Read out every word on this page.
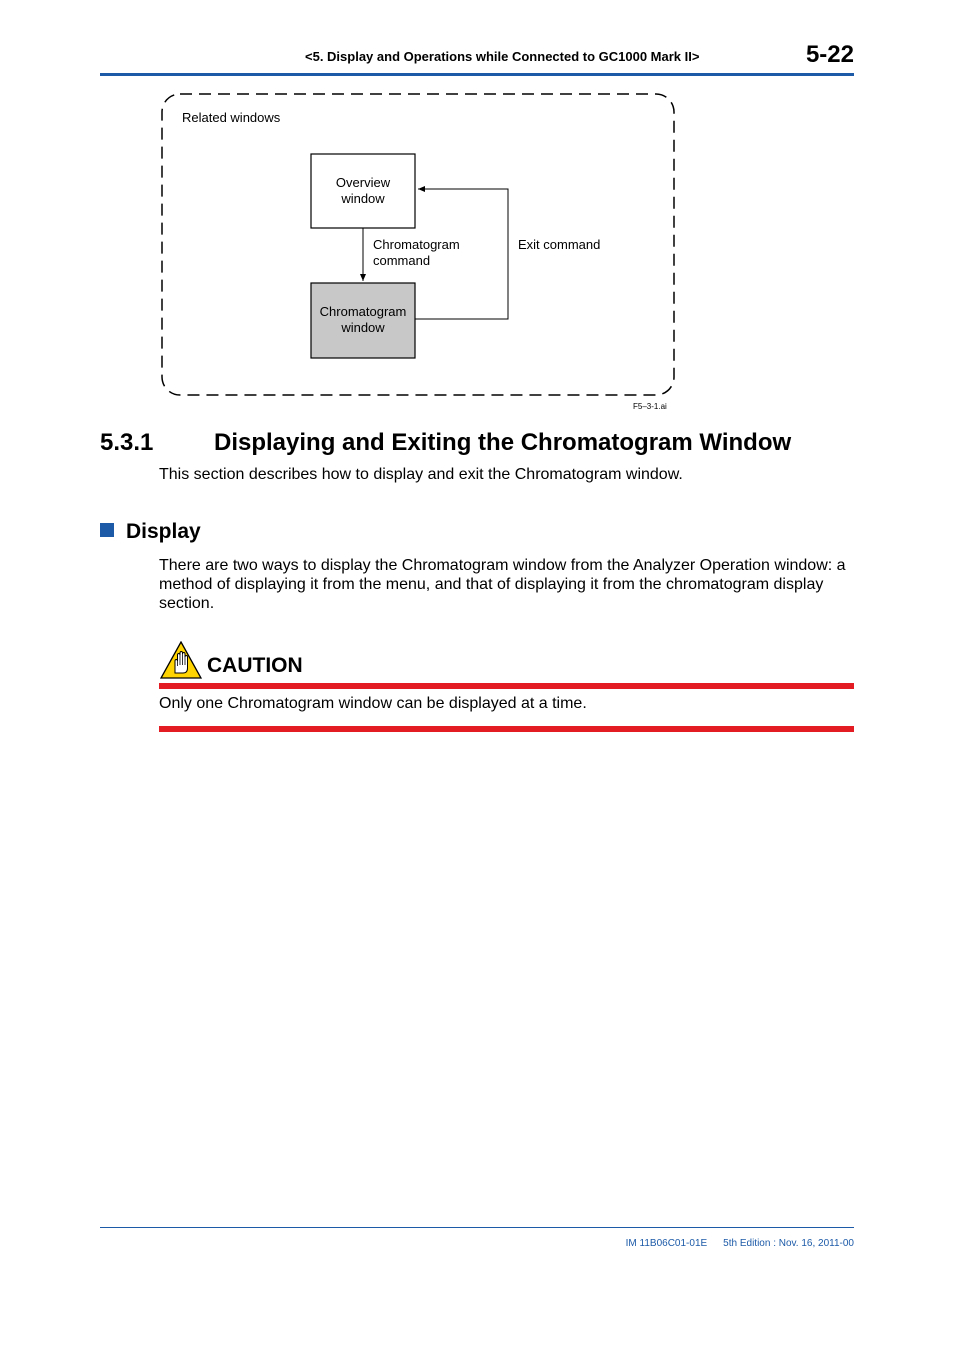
<5. Display and Operations while Connected to GC1000 Mark II>	5-22
Related windows
Overview
window
Chromatogram
window
Chromatogram
command
Exit command
F5–3-1.ai
5.3.1	Displaying and Exiting the Chromatogram Window
This section describes how to display and exit the Chromatogram window.
Display
There are two ways to display the Chromatogram window from the Analyzer Operation window: a method of displaying it from the menu, and that of displaying it from the chromatogram display section.
CAUTION
Only one Chromatogram window can be displayed at a time.
IM 11B06C01-01E 5th Edition : Nov. 16, 2011-00
